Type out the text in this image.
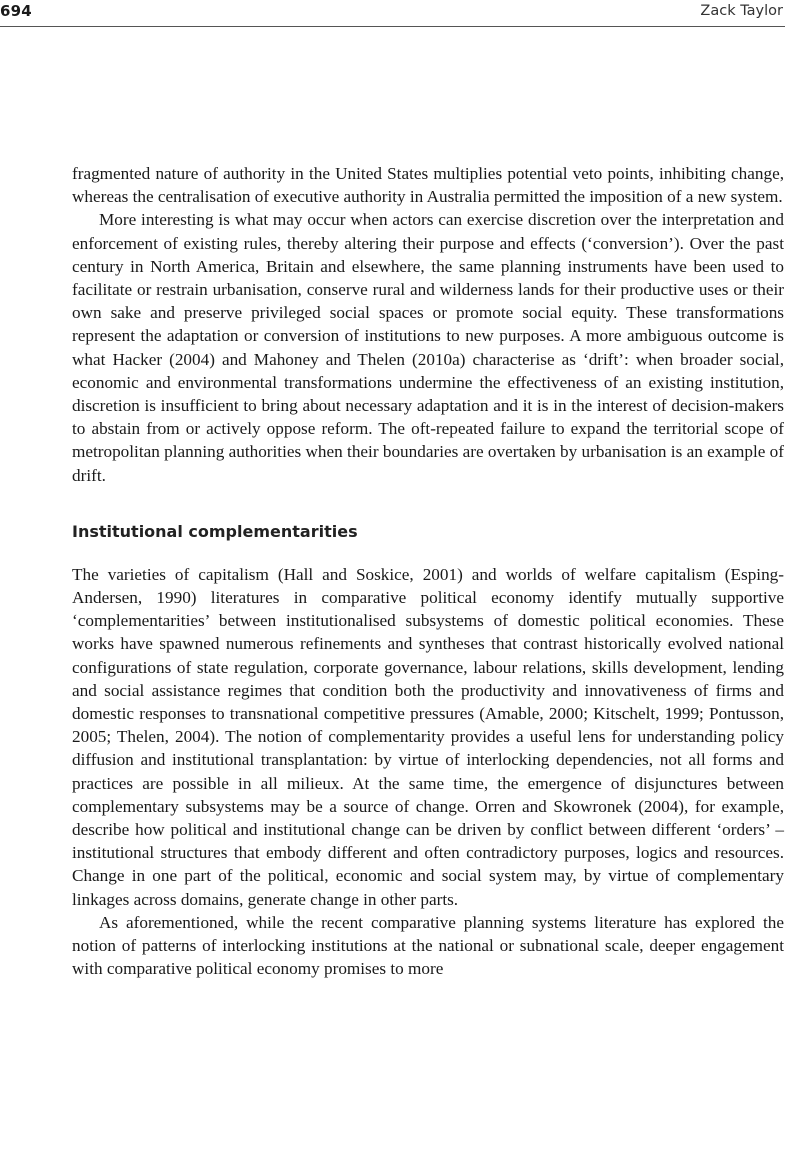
694	Zack Taylor

fragmented nature of authority in the United States multiplies potential veto points, inhibiting change, whereas the centralisation of executive authority in Australia permitted the imposition of a new system.

More interesting is what may occur when actors can exercise discretion over the interpretation and enforcement of existing rules, thereby altering their purpose and effects (‘conversion’). Over the past century in North America, Britain and elsewhere, the same planning instruments have been used to facilitate or restrain urbanisation, conserve rural and wilderness lands for their productive uses or their own sake and preserve privileged social spaces or promote social equity. These transformations represent the adaptation or conversion of institutions to new purposes. A more ambiguous outcome is what Hacker (2004) and Mahoney and Thelen (2010a) characterise as ‘drift’: when broader social, economic and environmental transformations undermine the effectiveness of an existing institution, discretion is insufficient to bring about necessary adaptation and it is in the interest of decision-makers to abstain from or actively oppose reform. The oft-repeated failure to expand the territorial scope of metropolitan planning authorities when their boundaries are overtaken by urbanisation is an example of drift.

Institutional complementarities

The varieties of capitalism (Hall and Soskice, 2001) and worlds of welfare capitalism (Esping-Andersen, 1990) literatures in comparative political economy identify mutually supportive ‘complementarities’ between institutionalised subsystems of domestic political economies. These works have spawned numerous refinements and syntheses that contrast historically evolved national configurations of state regulation, corporate governance, labour relations, skills development, lending and social assistance regimes that condition both the productivity and innovativeness of firms and domestic responses to transnational competitive pressures (Amable, 2000; Kitschelt, 1999; Pontusson, 2005; Thelen, 2004). The notion of complementarity provides a useful lens for understanding policy diffusion and institutional transplantation: by virtue of interlocking dependencies, not all forms and practices are possible in all milieux. At the same time, the emergence of disjunctures between complementary subsystems may be a source of change. Orren and Skowronek (2004), for example, describe how political and institutional change can be driven by conflict between different ‘orders’ – institutional structures that embody different and often contradictory purposes, logics and resources. Change in one part of the political, economic and social system may, by virtue of complementary linkages across domains, generate change in other parts.

As aforementioned, while the recent comparative planning systems literature has explored the notion of patterns of interlocking institutions at the national or subnational scale, deeper engagement with comparative political economy promises to more
